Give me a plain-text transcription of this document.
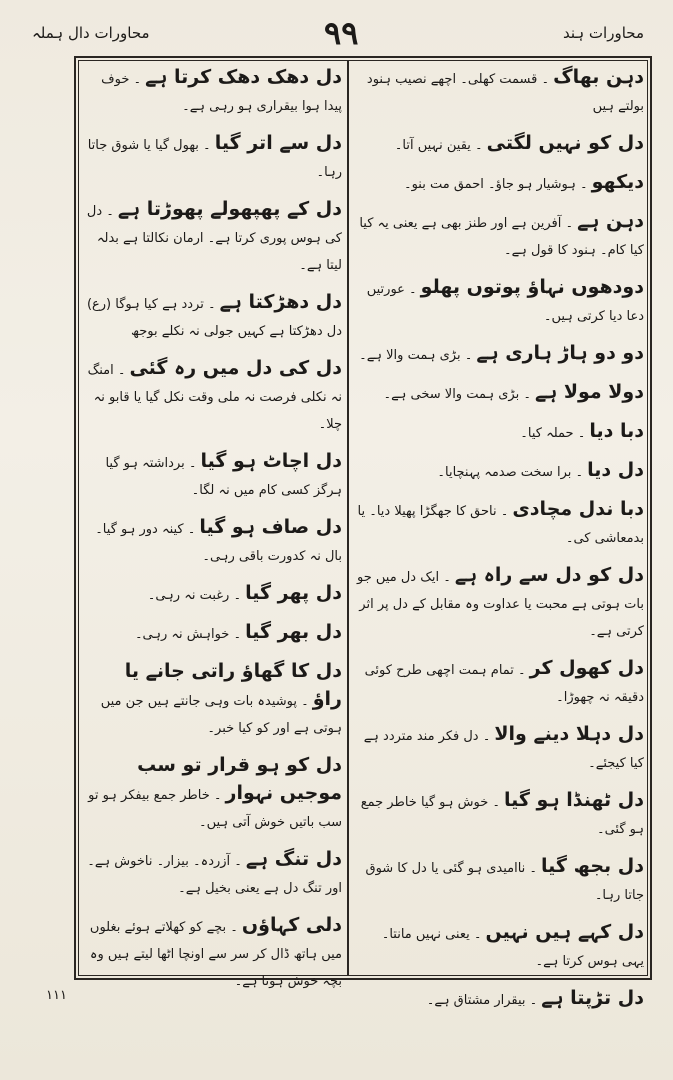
محاورات دال ہملہ	۹۹	محاورات ہند
دہن بھاگ۔ قسمت کھلی۔ اچھے نصیب ہنود بولتے ہیں
دل کو نہیں لگتی۔ یقین نہیں آتا۔
دیکھو۔ ہوشیار ہو جاؤ۔ احمق مت بنو۔
دہن ہے۔ آفرین ہے اور طنز بھی ہے یعنی یہ کیا کیا کام۔ ہنود کا قول ہے۔
دودھوں نہاؤ پوتوں پھلو۔ عورتیں دعا دیا کرتی ہیں۔
دو دو ہاڑ ہاری ہے۔ بڑی ہمت والا ہے۔
دولا مولا ہے۔ بڑی ہمت والا سخی ہے۔
دبا دیا۔ حملہ کیا۔
دل دیا۔ برا سخت صدمہ پہنچایا۔
دبا ندل مچادی۔ ناحق کا جھگڑا پھیلا دیا۔ یا بدمعاشی کی۔
دل کو دل سے راہ ہے۔ ایک دل میں جو بات ہوتی ہے محبت یا عداوت وہ مقابل کے دل پر اثر کرتی ہے۔
دل کھول کر۔ تمام ہمت اچھی طرح کوئی دقیقہ نہ چھوڑا۔
دل دہلا دینے والا۔ دل فکر مند متردد ہے کیا کیجئے۔
دل ٹھنڈا ہو گیا۔ خوش ہو گیا خاطر جمع ہو گئی۔
دل بجھ گیا۔ ناامیدی ہو گئی یا دل کا شوق جاتا رہا۔
دل کہے ہیں نہیں۔ یعنی نہیں مانتا۔ یہی ہوس کرتا ہے۔
دل تڑپتا ہے۔ بیقرار مشتاق ہے۔
دل دھک دھک کرتا ہے۔ خوف پیدا ہوا بیقراری ہو رہی ہے۔
دل سے اتر گیا۔ بھول گیا یا شوق جاتا رہا۔
دل کے پھپھولے پھوڑتا ہے۔ دل کی ہوس پوری کرتا ہے۔ ارمان نکالتا ہے بدلہ لیتا ہے۔
دل دھڑکتا ہے۔ تردد ہے کیا ہوگا (رع) دل دھڑکتا ہے کہیں جولی نہ نکلے بوجھ
دل کی دل میں رہ گئی۔ امنگ نہ نکلی فرصت نہ ملی وقت نکل گیا یا قابو نہ چلا۔
دل اچاٹ ہو گیا۔ برداشتہ ہو گیا ہرگز کسی کام میں نہ لگا۔
دل صاف ہو گیا۔ کینہ دور ہو گیا۔ بال نہ کدورت باقی رہی۔
دل پھر گیا۔ رغبت نہ رہی۔
دل بھر گیا۔ خواہش نہ رہی۔
دل کا گھاؤ راتی جانے یا راؤ۔ پوشیدہ بات وہی جانتے ہیں جن میں ہوتی ہے اور کو کیا خبر۔
دل کو ہو قرار تو سب موجیں نہوار۔ خاطر جمع بیفکر ہو تو سب باتیں خوش آتی ہیں۔
دل تنگ ہے۔ آزردہ۔ بیزار۔ ناخوش ہے۔ اور تنگ دل ہے یعنی بخیل ہے۔
دلی کہاؤں۔ بچے کو کھلاتے ہوئے بغلوں میں ہاتھ ڈال کر سر سے اونچا اٹھا لیتے ہیں وہ بچہ خوش ہوتا ہے۔
۱۱۱
